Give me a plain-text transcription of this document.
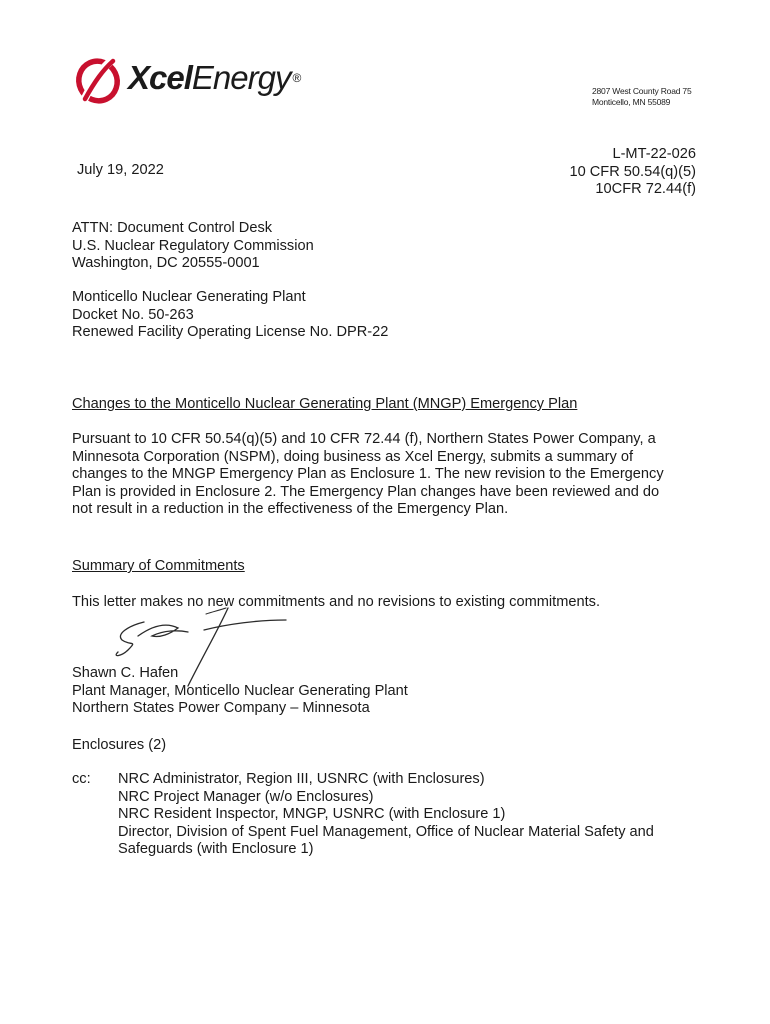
XcelEnergy ®
2807 West County Road 75
Monticello, MN 55089
July 19, 2022
L-MT-22-026
10 CFR 50.54(q)(5)
10CFR 72.44(f)
ATTN: Document Control Desk
U.S. Nuclear Regulatory Commission
Washington, DC 20555-0001
Monticello Nuclear Generating Plant
Docket No. 50-263
Renewed Facility Operating License No. DPR-22
Changes to the Monticello Nuclear Generating Plant (MNGP) Emergency Plan
Pursuant to 10 CFR 50.54(q)(5) and 10 CFR 72.44 (f), Northern States Power Company, a
Minnesota Corporation (NSPM), doing business as Xcel Energy, submits a summary of
changes to the MNGP Emergency Plan as Enclosure 1. The new revision to the Emergency
Plan is provided in Enclosure 2. The Emergency Plan changes have been reviewed and do
not result in a reduction in the effectiveness of the Emergency Plan.
Summary of Commitments
This letter makes no new commitments and no revisions to existing commitments.
Shawn C. Hafen
Plant Manager, Monticello Nuclear Generating Plant
Northern States Power Company – Minnesota
Enclosures (2)
cc: NRC Administrator, Region III, USNRC (with Enclosures)
NRC Project Manager (w/o Enclosures)
NRC Resident Inspector, MNGP, USNRC (with Enclosure 1)
Director, Division of Spent Fuel Management, Office of Nuclear Material Safety and
Safeguards (with Enclosure 1)
